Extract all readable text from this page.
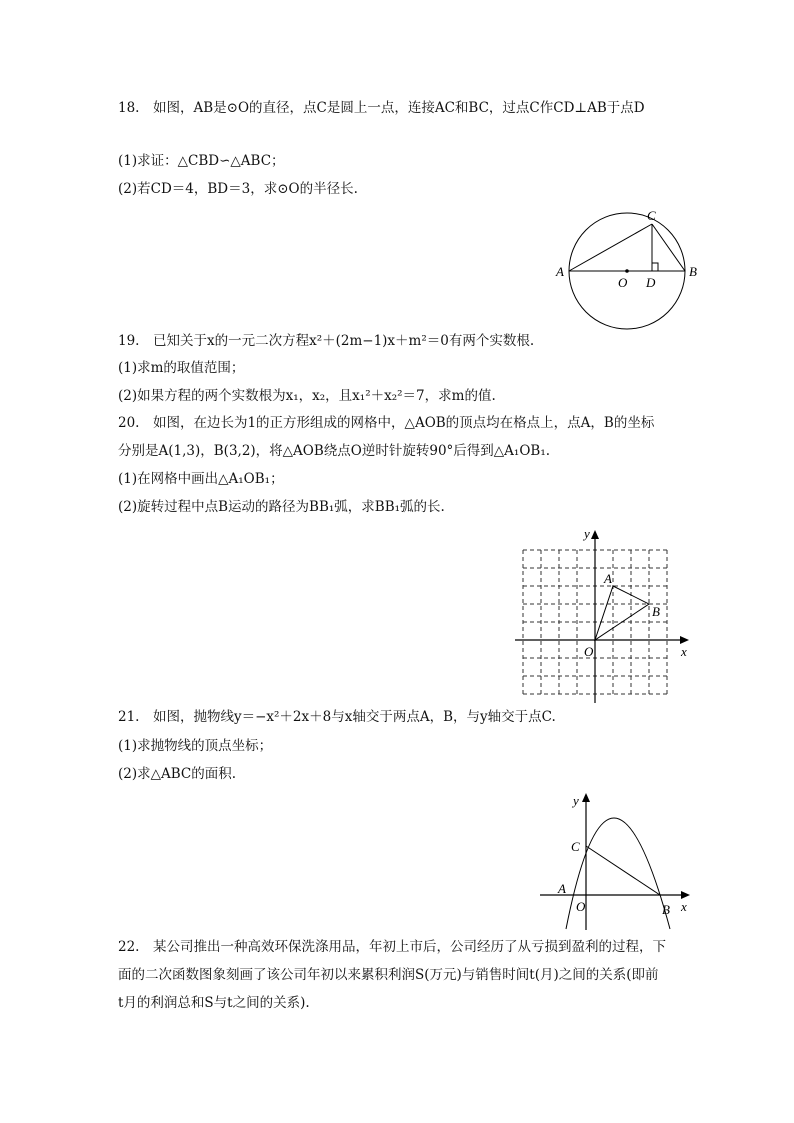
18.　如图，AB是⊙O的直径，点C是圆上一点，连接AC和BC，过点C作CD⊥AB于点D
(1)求证：△CBD∽△ABC；
(2)若CD＝4，BD＝3，求⊙O的半径长.
C
A
O D
B
19.　已知关于x的一元二次方程x²＋(2m−1)x＋m²＝0有两个实数根.
(1)求m的取值范围；
(2)如果方程的两个实数根为x₁，x₂，且x₁²＋x₂²＝7，求m的值.
20.　如图，在边长为1的正方形组成的网格中，△AOB的顶点均在格点上，点A，B的坐标
分别是A(1,3)，B(3,2)，将△AOB绕点O逆时针旋转90°后得到△A₁OB₁.
(1)在网格中画出△A₁OB₁；
(2)旋转过程中点B运动的路径为BB₁弧，求BB₁弧的长.
y
A
B
O	x
21.　如图，抛物线y＝−x²＋2x＋8与x轴交于两点A，B，与y轴交于点C.
(1)求抛物线的顶点坐标；
(2)求△ABC的面积.
y
C
A
O	B x
22.　某公司推出一种高效环保洗涤用品，年初上市后，公司经历了从亏损到盈利的过程，下
面的二次函数图象刻画了该公司年初以来累积利润S(万元)与销售时间t(月)之间的关系(即前
t月的利润总和S与t之间的关系).
